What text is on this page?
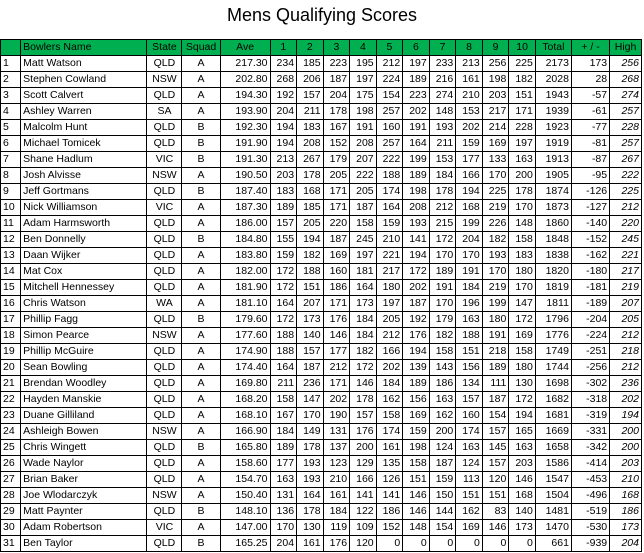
Mens Qualifying Scores
	Bowlers Name	State	Squad	Ave	1	2	3	4	5	6	7	8	9	10	Total	+ / -	High
1	Matt Watson	QLD	A	217.30	234	185	223	195	212	197	233	213	256	225	2173	173	256
2	Stephen Cowland	NSW	A	202.80	268	206	187	197	224	189	216	161	198	182	2028	28	268
3	Scott Calvert	QLD	A	194.30	192	157	204	175	154	223	274	210	203	151	1943	-57	274
4	Ashley Warren	SA	A	193.90	204	211	178	198	257	202	148	153	217	171	1939	-61	257
5	Malcolm Hunt	QLD	B	192.30	194	183	167	191	160	191	193	202	214	228	1923	-77	228
6	Michael Tomicek	QLD	B	191.90	194	208	152	208	257	164	211	159	169	197	1919	-81	257
7	Shane Hadlum	VIC	B	191.30	213	267	179	207	222	199	153	177	133	163	1913	-87	267
8	Josh Alvisse	NSW	A	190.50	203	178	205	222	188	189	184	166	170	200	1905	-95	222
9	Jeff Gortmans	QLD	B	187.40	183	168	171	205	174	198	178	194	225	178	1874	-126	225
10	Nick Williamson	VIC	A	187.30	189	185	171	187	164	208	212	168	219	170	1873	-127	212
11	Adam Harmsworth	QLD	A	186.00	157	205	220	158	159	193	215	199	226	148	1860	-140	220
12	Ben Donnelly	QLD	B	184.80	155	194	187	245	210	141	172	204	182	158	1848	-152	245
13	Daan Wijker	QLD	A	183.80	159	182	169	197	221	194	170	170	193	183	1838	-162	221
14	Mat Cox	QLD	A	182.00	172	188	160	181	217	172	189	191	170	180	1820	-180	217
15	Mitchell Hennessey	QLD	A	181.90	172	151	186	164	180	202	191	184	219	170	1819	-181	219
16	Chris Watson	WA	A	181.10	164	207	171	173	197	187	170	196	199	147	1811	-189	207
17	Phillip Fagg	QLD	B	179.60	172	173	176	184	205	192	179	163	180	172	1796	-204	205
18	Simon Pearce	NSW	A	177.60	188	140	146	184	212	176	182	188	191	169	1776	-224	212
19	Phillip McGuire	QLD	A	174.90	188	157	177	182	166	194	158	151	218	158	1749	-251	218
20	Sean Bowling	QLD	A	174.40	164	187	212	172	202	139	143	156	189	180	1744	-256	212
21	Brendan Woodley	QLD	A	169.80	211	236	171	146	184	189	186	134	111	130	1698	-302	236
22	Hayden Manskie	QLD	A	168.20	158	147	202	178	162	156	163	157	187	172	1682	-318	202
23	Duane Gilliland	QLD	A	168.10	167	170	190	157	158	169	162	160	154	194	1681	-319	194
24	Ashleigh Bowen	NSW	A	166.90	184	149	131	176	174	159	200	174	157	165	1669	-331	200
25	Chris Wingett	QLD	B	165.80	189	178	137	200	161	198	124	163	145	163	1658	-342	200
26	Wade Naylor	QLD	A	158.60	177	193	123	129	135	158	187	124	157	203	1586	-414	203
27	Brian Baker	QLD	A	154.70	163	193	210	166	126	151	159	113	120	146	1547	-453	210
28	Joe Wlodarczyk	NSW	A	150.40	131	164	161	141	141	146	150	151	151	168	1504	-496	168
29	Matt Paynter	QLD	B	148.10	136	178	184	122	186	146	144	162	83	140	1481	-519	186
30	Adam Robertson	VIC	A	147.00	170	130	119	109	152	148	154	169	146	173	1470	-530	173
31	Ben Taylor	QLD	B	165.25	204	161	176	120	0	0	0	0	0	0	661	-939	204
